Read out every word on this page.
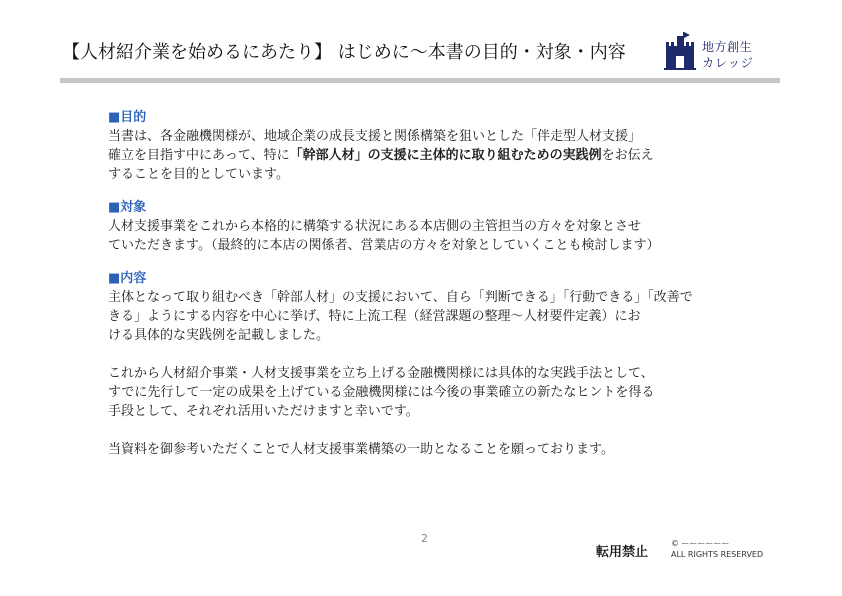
【人材紹介業を始めるにあたり】 はじめに～本書の目的・対象・内容	地方創生
カレッジ
■目的

当書は、各金融機関様が、地域企業の成長支援と関係構築を狙いとした「伴走型人材支援」
確立を目指す中にあって、特に「幹部人材」の支援に主体的に取り組むための実践例をお伝え
することを目的としています。

■対象

人材支援事業をこれから本格的に構築する状況にある本店側の主管担当の方々を対象とさせ
ていただきます。（最終的に本店の関係者、営業店の方々を対象としていくことも検討します）

■内容

主体となって取り組むべき「幹部人材」の支援において、自ら「判断できる」「行動できる」「改善で
きる」ようにする内容を中心に挙げ、特に上流工程（経営課題の整理～人材要件定義）にお
ける具体的な実践例を記載しました。

これから人材紹介事業・人材支援事業を立ち上げる金融機関様には具体的な実践手法として、
すでに先行して一定の成果を上げている金融機関様には今後の事業確立の新たなヒントを得る
手段として、それぞれ活用いただけますと幸いです。

当資料を御参考いただくことで人材支援事業構築の一助となることを願っております。

2
転用禁止
© ーーーーーー
ALL RIGHTS RESERVED
